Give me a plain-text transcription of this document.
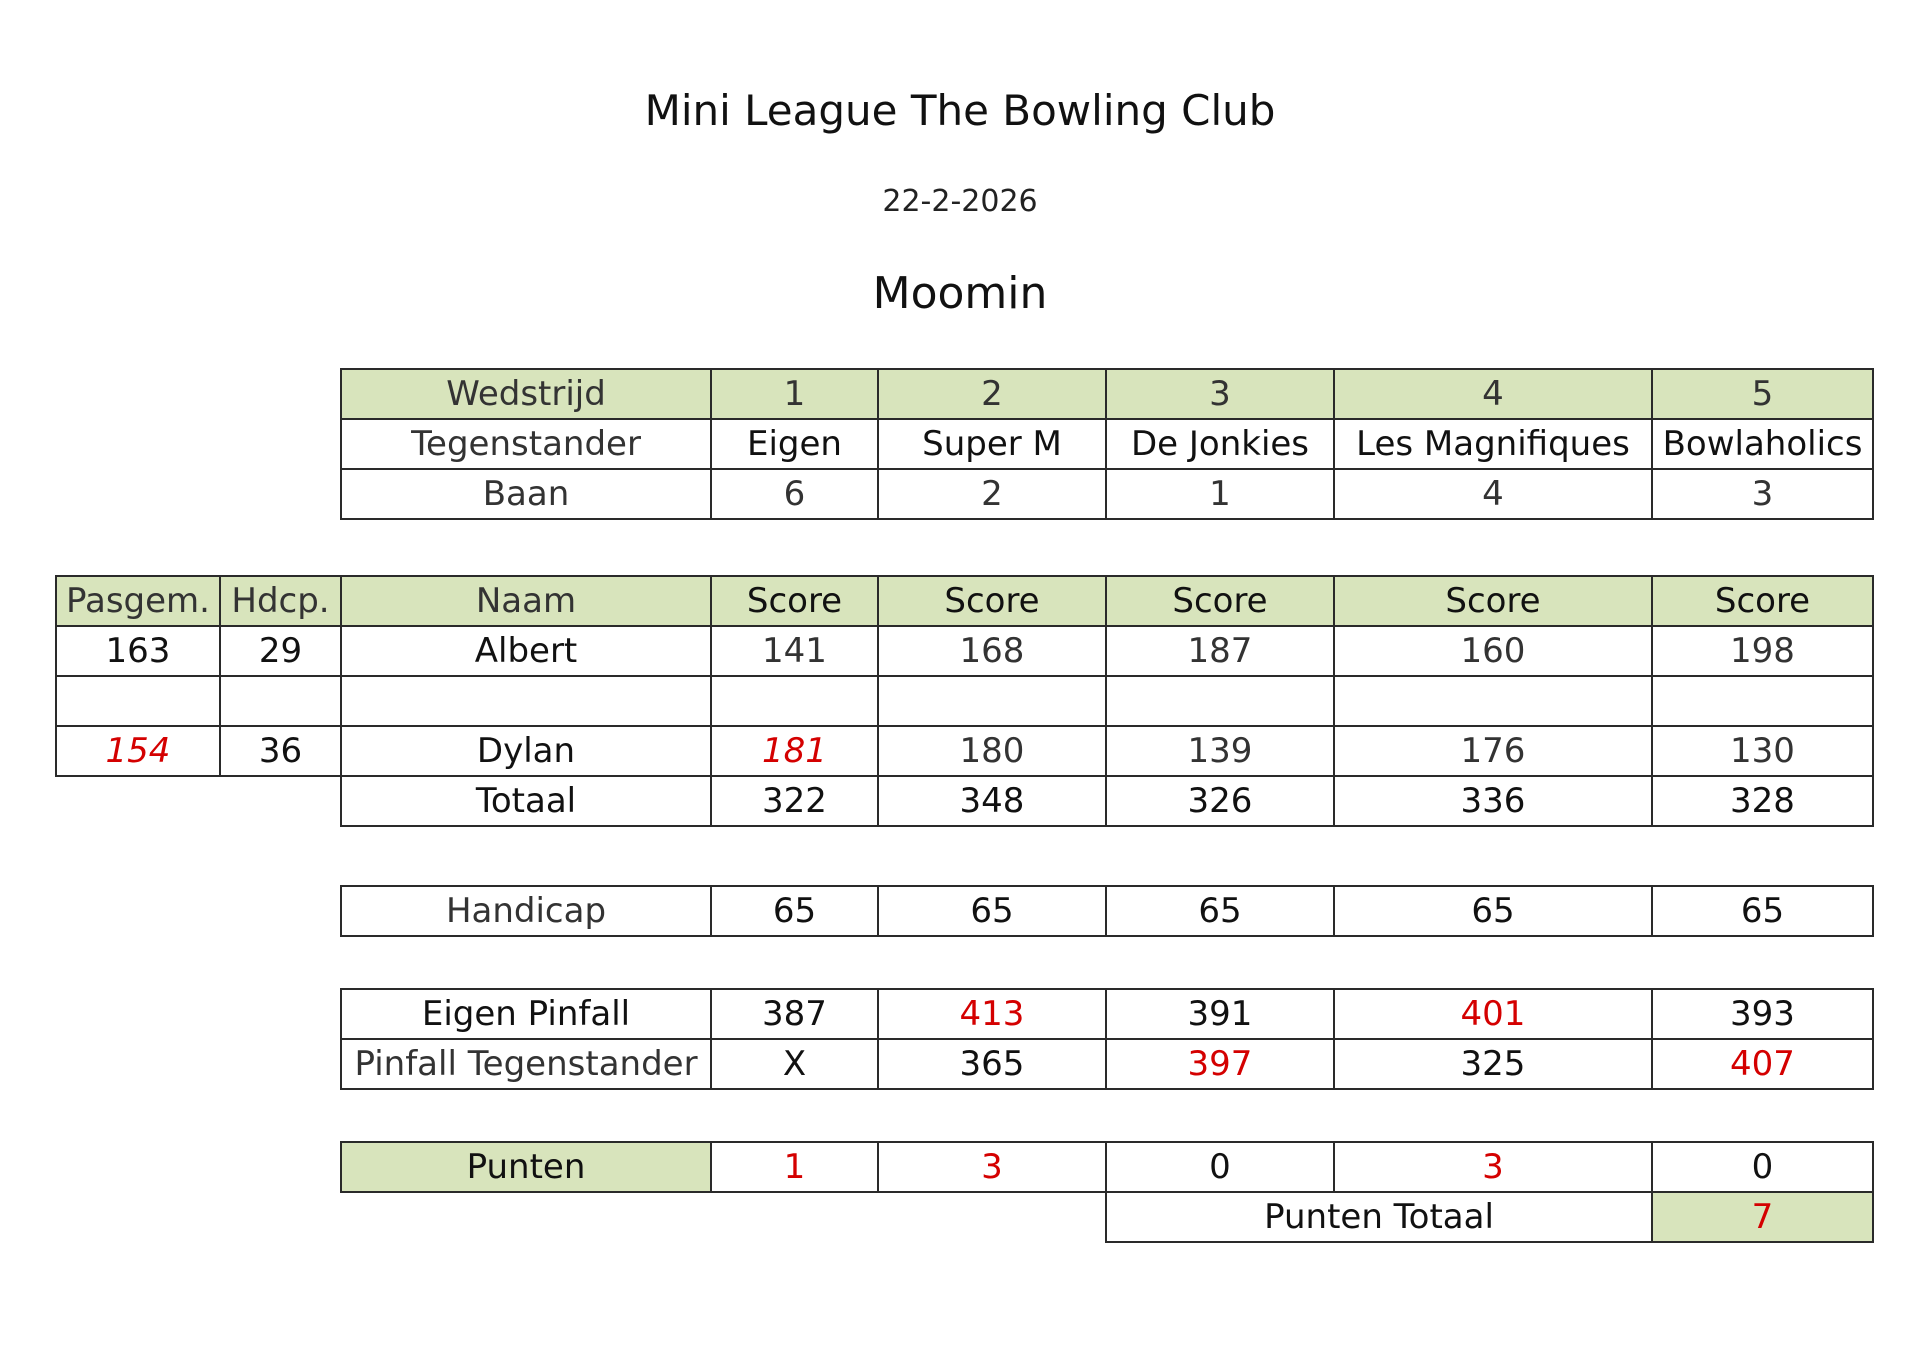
Mini League The Bowling Club
22-2-2026
Moomin
Wedstrijd	1	2	3	4	5
Tegenstander	Eigen	Super M	De Jonkies	Les Magnifiques	Bowlaholics
Baan	6	2	1	4	3
Pasgem.	Hdcp.	Naam	Score	Score	Score	Score	Score
163	29	Albert	141	168	187	160	198

154	36	Dylan	181	180	139	176	130
		Totaal	322	348	326	336	328
Handicap	65	65	65	65	65
Eigen Pinfall	387	413	391	401	393
Pinfall Tegenstander	X	365	397	325	407
Punten	1	3	0	3	0
			Punten Totaal		7
